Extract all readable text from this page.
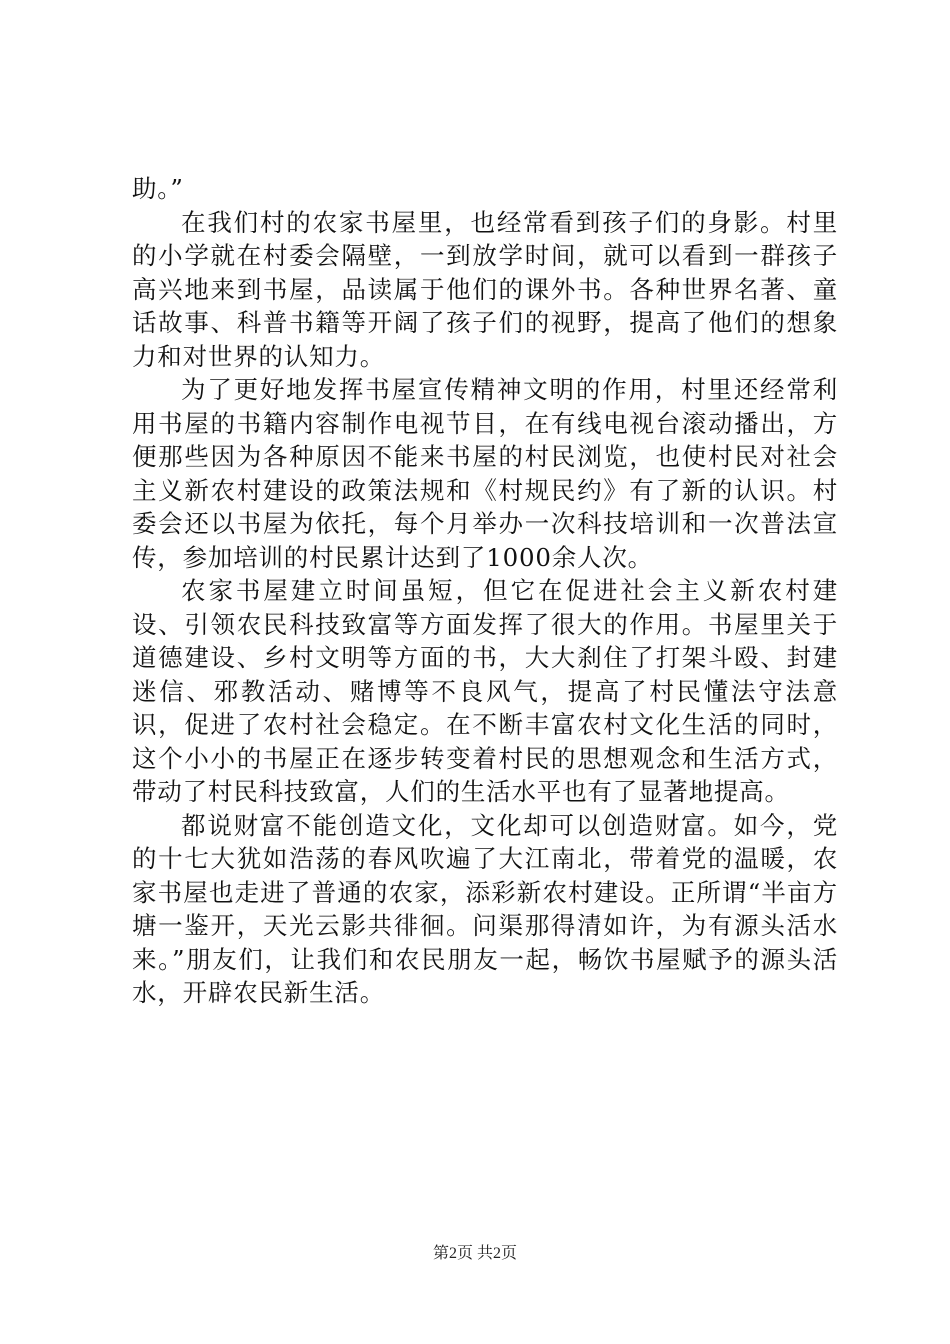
助。”

在我们村的农家书屋里，也经常看到孩子们的身影。村里的小学就在村委会隔壁，一到放学时间，就可以看到一群孩子高兴地来到书屋，品读属于他们的课外书。各种世界名著、童话故事、科普书籍等开阔了孩子们的视野，提高了他们的想象力和对世界的认知力。

为了更好地发挥书屋宣传精神文明的作用，村里还经常利用书屋的书籍内容制作电视节目，在有线电视台滚动播出，方便那些因为各种原因不能来书屋的村民浏览，也使村民对社会主义新农村建设的政策法规和《村规民约》有了新的认识。村委会还以书屋为依托，每个月举办一次科技培训和一次普法宣传，参加培训的村民累计达到了1000余人次。

农家书屋建立时间虽短，但它在促进社会主义新农村建设、引领农民科技致富等方面发挥了很大的作用。书屋里关于道德建设、乡村文明等方面的书，大大刹住了打架斗殴、封建迷信、邪教活动、赌博等不良风气，提高了村民懂法守法意识，促进了农村社会稳定。在不断丰富农村文化生活的同时，这个小小的书屋正在逐步转变着村民的思想观念和生活方式，带动了村民科技致富，人们的生活水平也有了显著地提高。

都说财富不能创造文化，文化却可以创造财富。如今，党的十七大犹如浩荡的春风吹遍了大江南北，带着党的温暖，农家书屋也走进了普通的农家，添彩新农村建设。正所谓“半亩方塘一鉴开，天光云影共徘徊。问渠那得清如许，为有源头活水来。”朋友们，让我们和农民朋友一起，畅饮书屋赋予的源头活水，开辟农民新生活。

第2页 共2页
